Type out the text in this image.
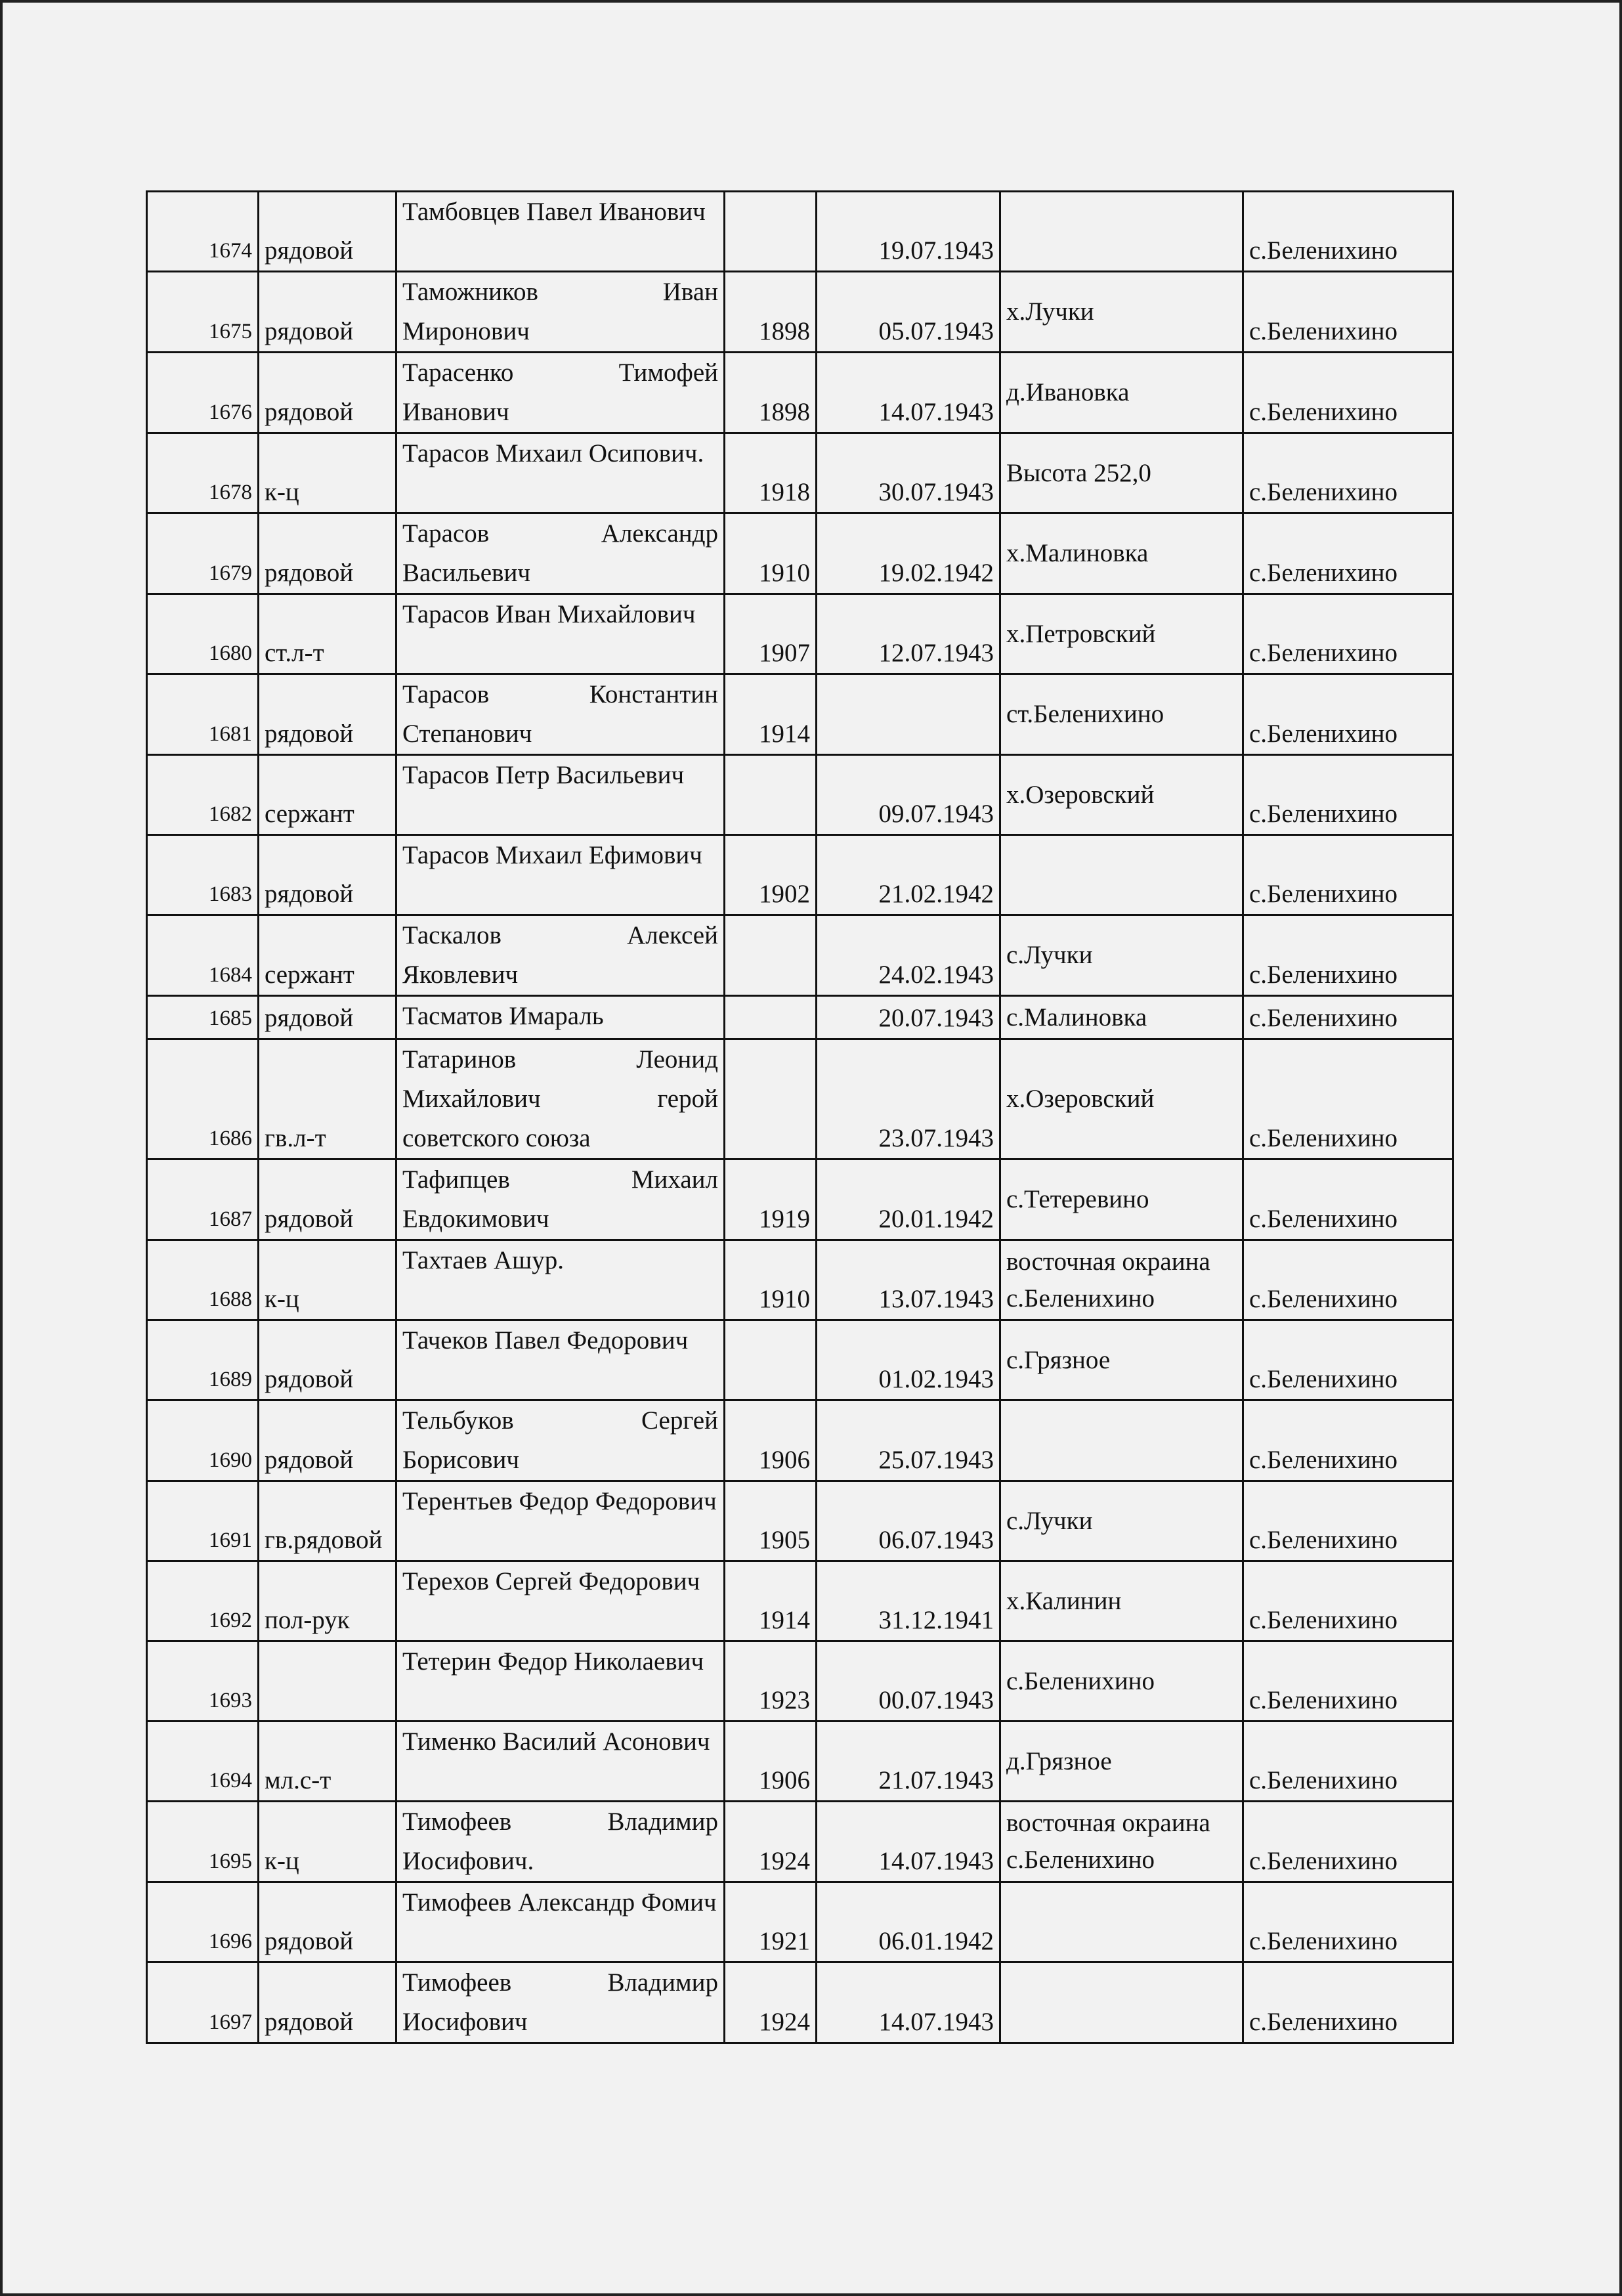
1674	рядовой	Тамбовцев Павел Иванович		19.07.1943		с.Беленихино
1675	рядовой	Таможников Иван Миронович	1898	05.07.1943	х.Лучки	с.Беленихино
1676	рядовой	Тарасенко Тимофей Иванович	1898	14.07.1943	д.Ивановка	с.Беленихино
1678	к-ц	Тарасов Михаил Осипович.	1918	30.07.1943	Высота 252,0	с.Беленихино
1679	рядовой	Тарасов Александр Васильевич	1910	19.02.1942	х.Малиновка	с.Беленихино
1680	ст.л-т	Тарасов Иван Михайлович	1907	12.07.1943	х.Петровский	с.Беленихино
1681	рядовой	Тарасов Константин Степанович	1914		ст.Беленихино	с.Беленихино
1682	сержант	Тарасов Петр Васильевич		09.07.1943	х.Озеровский	с.Беленихино
1683	рядовой	Тарасов Михаил Ефимович	1902	21.02.1942		с.Беленихино
1684	сержант	Таскалов Алексей Яковлевич		24.02.1943	с.Лучки	с.Беленихино
1685	рядовой	Тасматов Имараль		20.07.1943	с.Малиновка	с.Беленихино
1686	гв.л-т	Татаринов Леонид Михайлович герой советского союза		23.07.1943	х.Озеровский	с.Беленихино
1687	рядовой	Тафипцев Михаил Евдокимович	1919	20.01.1942	с.Тетеревино	с.Беленихино
1688	к-ц	Тахтаев Ашур.	1910	13.07.1943	восточная окраина с.Беленихино	с.Беленихино
1689	рядовой	Тачеков Павел Федорович		01.02.1943	с.Грязное	с.Беленихино
1690	рядовой	Тельбуков Сергей Борисович	1906	25.07.1943		с.Беленихино
1691	гв.рядовой	Терентьев Федор Федорович	1905	06.07.1943	с.Лучки	с.Беленихино
1692	пол-рук	Терехов Сергей Федорович	1914	31.12.1941	х.Калинин	с.Беленихино
1693		Тетерин Федор Николаевич	1923	00.07.1943	с.Беленихино	с.Беленихино
1694	мл.с-т	Тименко Василий Асонович	1906	21.07.1943	д.Грязное	с.Беленихино
1695	к-ц	Тимофеев Владимир Иосифович.	1924	14.07.1943	восточная окраина с.Беленихино	с.Беленихино
1696	рядовой	Тимофеев Александр Фомич	1921	06.01.1942		с.Беленихино
1697	рядовой	Тимофеев Владимир Иосифович	1924	14.07.1943		с.Беленихино
